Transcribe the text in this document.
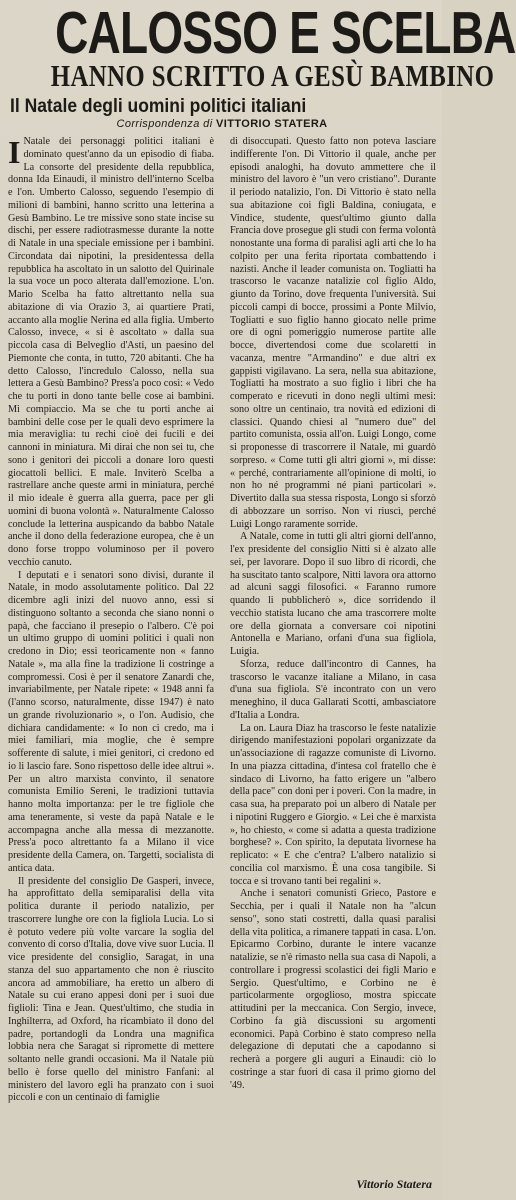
CALOSSO E SCELBA
HANNO SCRITTO A GESÙ BAMBINO
Il Natale degli uomini politici italiani
Corrispondenza di VITTORIO STATERA

INatale dei personaggi politici italiani è dominato quest'anno da un episodio di fiaba. La consorte del presidente della repubblica, donna Ida Einaudi, il ministro dell'interno Scelba e l'on. Umberto Calosso, seguendo l'esempio di milioni di bambini, hanno scritto una letterina a Gesù Bambino. Le tre missive sono state incise su dischi, per essere radiotrasmesse durante la notte di Natale in una speciale emissione per i bambini. Circondata dai nipotini, la presidentessa della repubblica ha ascoltato in un salotto del Quirinale la sua voce un poco alterata dall'emozione. L'on. Mario Scelba ha fatto altrettanto nella sua abitazione di via Orazio 3, ai quartiere Prati, accanto alla moglie Nerina ed alla figlia. Umberto Calosso, invece, « si è ascoltato » dalla sua piccola casa di Belveglio d'Asti, un paesino del Piemonte che conta, in tutto, 720 abitanti. Che ha detto Calosso, l'incredulo Calosso, nella sua lettera a Gesù Bambino? Press'a poco così: « Vedo che tu porti in dono tante belle cose ai bambini. Mi compiaccio. Ma se che tu porti anche ai bambini delle cose per le quali devo esprimere la mia meraviglia: tu rechi cioè dei fucili e dei cannoni in miniatura. Mi dirai che non sei tu, che sono i genitori dei piccoli a donare loro questi giocattoli bellici. E male. Inviterò Scelba a rastrellare anche queste armi in miniatura, perché il mio ideale è guerra alla guerra, pace per gli uomini di buona volontà ». Naturalmente Calosso conclude la letterina auspicando da babbo Natale anche il dono della federazione europea, che è un dono forse troppo voluminoso per il povero vecchio canuto.

I deputati e i senatori sono divisi, durante il Natale, in modo assolutamente politico. Dal 22 dicembre agli inizi del nuovo anno, essi si distinguono soltanto a seconda che siano nonni o papà, che facciano il presepio o l'albero. C'è poi un ultimo gruppo di uomini politici i quali non credono in Dio; essi teoricamente non « fanno Natale », ma alla fine la tradizione li costringe a compromessi. Così è per il senatore Zanardi che, invariabilmente, per Natale ripete: « 1948 anni fa (l'anno scorso, naturalmente, disse 1947) è nato un grande rivoluzionario », o l'on. Audisio, che dichiara candidamente: « Io non ci credo, ma i miei familiari, mia moglie, che è sempre sofferente di salute, i miei genitori, ci credono ed io li lascio fare. Sono rispettoso delle idee altrui ». Per un altro marxista convinto, il senatore comunista Emilio Sereni, le tradizioni tuttavia hanno molta importanza: per le tre figliole che ama teneramente, si veste da papà Natale e le accompagna anche alla messa di mezzanotte. Press'a poco altrettanto fa a Milano il vice presidente della Camera, on. Targetti, socialista di antica data.

Il presidente del consiglio De Gasperi, invece, ha approfittato della semiparalisi della vita politica durante il periodo natalizio, per trascorrere lunghe ore con la figliola Lucia. Lo si è potuto vedere più volte varcare la soglia del convento di corso d'Italia, dove vive suor Lucia. Il vice presidente del consiglio, Saragat, in una stanza del suo appartamento che non è riuscito ancora ad ammobiliare, ha eretto un albero di Natale su cui erano appesi doni per i suoi due figlioli: Tina e Jean. Quest'ultimo, che studia in Inghilterra, ad Oxford, ha ricambiato il dono del padre, portandogli da Londra una magnifica lobbia nera che Saragat si ripromette di mettere soltanto nelle grandi occasioni. Ma il Natale più bello è forse quello del ministro Fanfani: al ministero del lavoro egli ha pranzato con i suoi piccoli e con un centinaio di famiglie

di disoccupati. Questo fatto non poteva lasciare indifferente l'on. Di Vittorio il quale, anche per episodi analoghi, ha dovuto ammettere che il ministro del lavoro è "un vero cristiano". Durante il periodo natalizio, l'on. Di Vittorio è stato nella sua abitazione coi figli Baldina, coniugata, e Vindice, studente, quest'ultimo giunto dalla Francia dove prosegue gli studi con ferma volontà nonostante una forma di paralisi agli arti che lo ha colpito per una ferita riportata combattendo i nazisti. Anche il leader comunista on. Togliatti ha trascorso le vacanze natalizie col figlio Aldo, giunto da Torino, dove frequenta l'università. Sui piccoli campi di bocce, prossimi a Ponte Milvio, Togliatti e suo figlio hanno giocato nelle prime ore di ogni pomeriggio numerose partite alle bocce, divertendosi come due scolaretti in vacanza, mentre "Armandino" e due altri ex gappisti vigilavano. La sera, nella sua abitazione, Togliatti ha mostrato a suo figlio i libri che ha comperato e ricevuti in dono negli ultimi mesi: sono oltre un centinaio, tra novità ed edizioni di classici. Quando chiesi al "numero due" del partito comunista, ossia all'on. Luigi Longo, come si proponesse di trascorrere il Natale, mi guardò sorpreso. « Come tutti gli altri giorni », mi disse: « perché, contrariamente all'opinione di molti, io non ho né programmi né piani particolari ». Divertito dalla sua stessa risposta, Longo si sforzò di abbozzare un sorriso. Non vi riuscì, perché Luigi Longo raramente sorride.

A Natale, come in tutti gli altri giorni dell'anno, l'ex presidente del consiglio Nitti si è alzato alle sei, per lavorare. Dopo il suo libro di ricordi, che ha suscitato tanto scalpore, Nitti lavora ora attorno ad alcuni saggi filosofici. « Faranno rumore quando li pubblicherò », dice sorridendo il vecchio statista lucano che ama trascorrere molte ore della giornata a conversare coi nipotini Antonella e Mariano, orfani d'una sua figliola, Luigia.

Sforza, reduce dall'incontro di Cannes, ha trascorso le vacanze italiane a Milano, in casa d'una sua figliola. S'è incontrato con un vero meneghino, il duca Gallarati Scotti, ambasciatore d'Italia a Londra.

La on. Laura Diaz ha trascorso le feste natalizie dirigendo manifestazioni popolari organizzate da un'associazione di ragazze comuniste di Livorno. In una piazza cittadina, d'intesa col fratello che è sindaco di Livorno, ha fatto erigere un "albero della pace" con doni per i poveri. Con la madre, in casa sua, ha preparato poi un albero di Natale per i nipotini Ruggero e Giorgio. « Lei che è marxista », ho chiesto, « come si adatta a questa tradizione borghese? ». Con spirito, la deputata livornese ha replicato: « E che c'entra? L'albero natalizio si concilia col marxismo. È una cosa tangibile. Si tocca e si trovano tanti bei regalini ».

Anche i senatori comunisti Grieco, Pastore e Secchia, per i quali il Natale non ha "alcun senso", sono stati costretti, dalla quasi paralisi della vita politica, a rimanere tappati in casa. L'on. Epicarmo Corbino, durante le intere vacanze natalizie, se n'è rimasto nella sua casa di Napoli, a controllare i progressi scolastici dei figli Mario e Sergio. Quest'ultimo, e Corbino ne è particolarmente orgoglioso, mostra spiccate attitudini per la meccanica. Con Sergio, invece, Corbino fa già discussioni su argomenti economici. Papà Corbino è stato compreso nella delegazione di deputati che a capodanno si recherà a porgere gli auguri a Einaudi: ciò lo costringe a star fuori di casa il primo giorno del '49.

Vittorio Statera
